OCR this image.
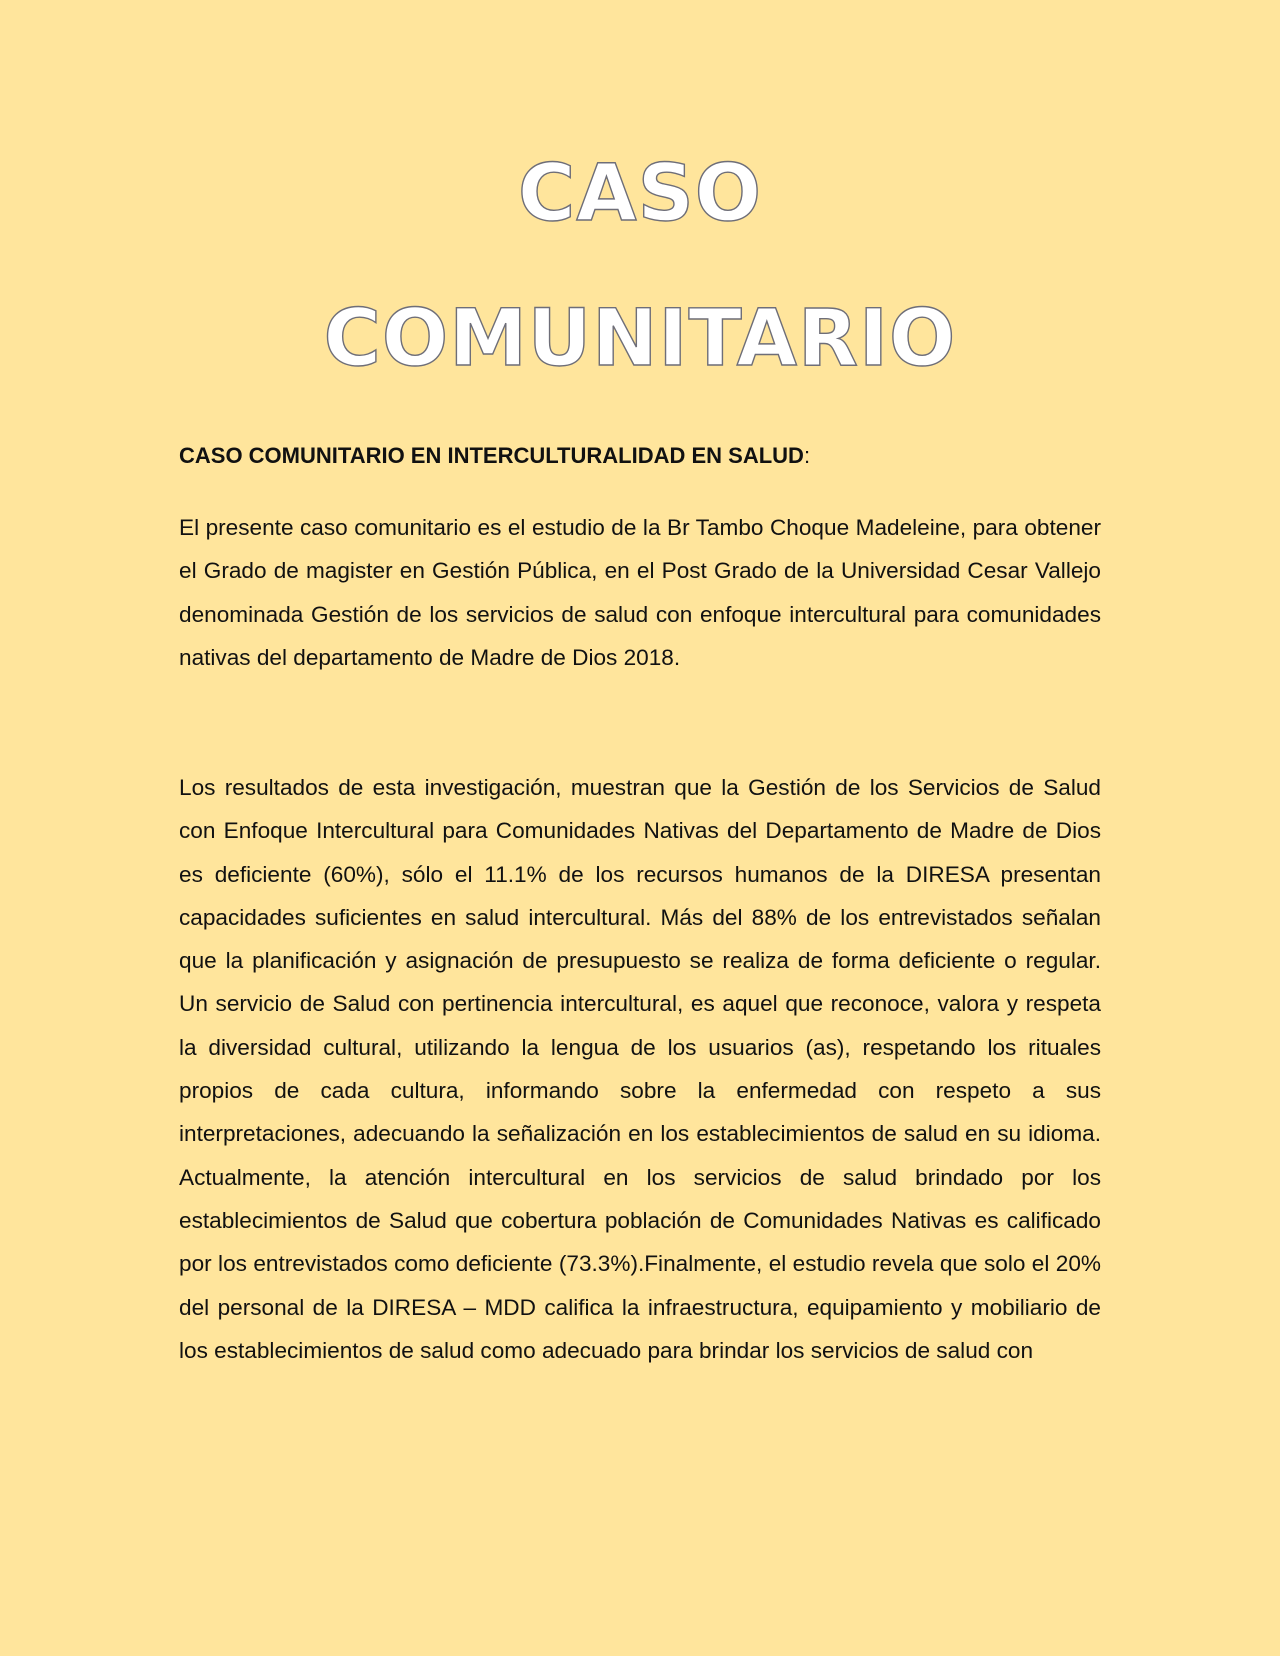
CASO
COMUNITARIO
CASO COMUNITARIO EN INTERCULTURALIDAD EN SALUD:

El presente caso comunitario es el estudio de la Br Tambo Choque Madeleine, para obtener el Grado de magister en Gestión Pública, en el Post Grado de la Universidad Cesar Vallejo denominada Gestión de los servicios de salud con enfoque intercultural para comunidades nativas del departamento de Madre de Dios 2018.

Los resultados de esta investigación, muestran que la Gestión de los Servicios de Salud con Enfoque Intercultural para Comunidades Nativas del Departamento de Madre de Dios es deficiente (60%), sólo el 11.1% de los recursos humanos de la DIRESA presentan capacidades suficientes en salud intercultural. Más del 88% de los entrevistados señalan que la planificación y asignación de presupuesto se realiza de forma deficiente o regular. Un servicio de Salud con pertinencia intercultural, es aquel que reconoce, valora y respeta la diversidad cultural, utilizando la lengua de los usuarios (as), respetando los rituales propios de cada cultura, informando sobre la enfermedad con respeto a sus interpretaciones, adecuando la señalización en los establecimientos de salud en su idioma. Actualmente, la atención intercultural en los servicios de salud brindado por los establecimientos de Salud que cobertura población de Comunidades Nativas es calificado por los entrevistados como deficiente (73.3%).Finalmente, el estudio revela que solo el 20% del personal de la DIRESA – MDD califica la infraestructura, equipamiento y mobiliario de los establecimientos de salud como adecuado para brindar los servicios de salud con
